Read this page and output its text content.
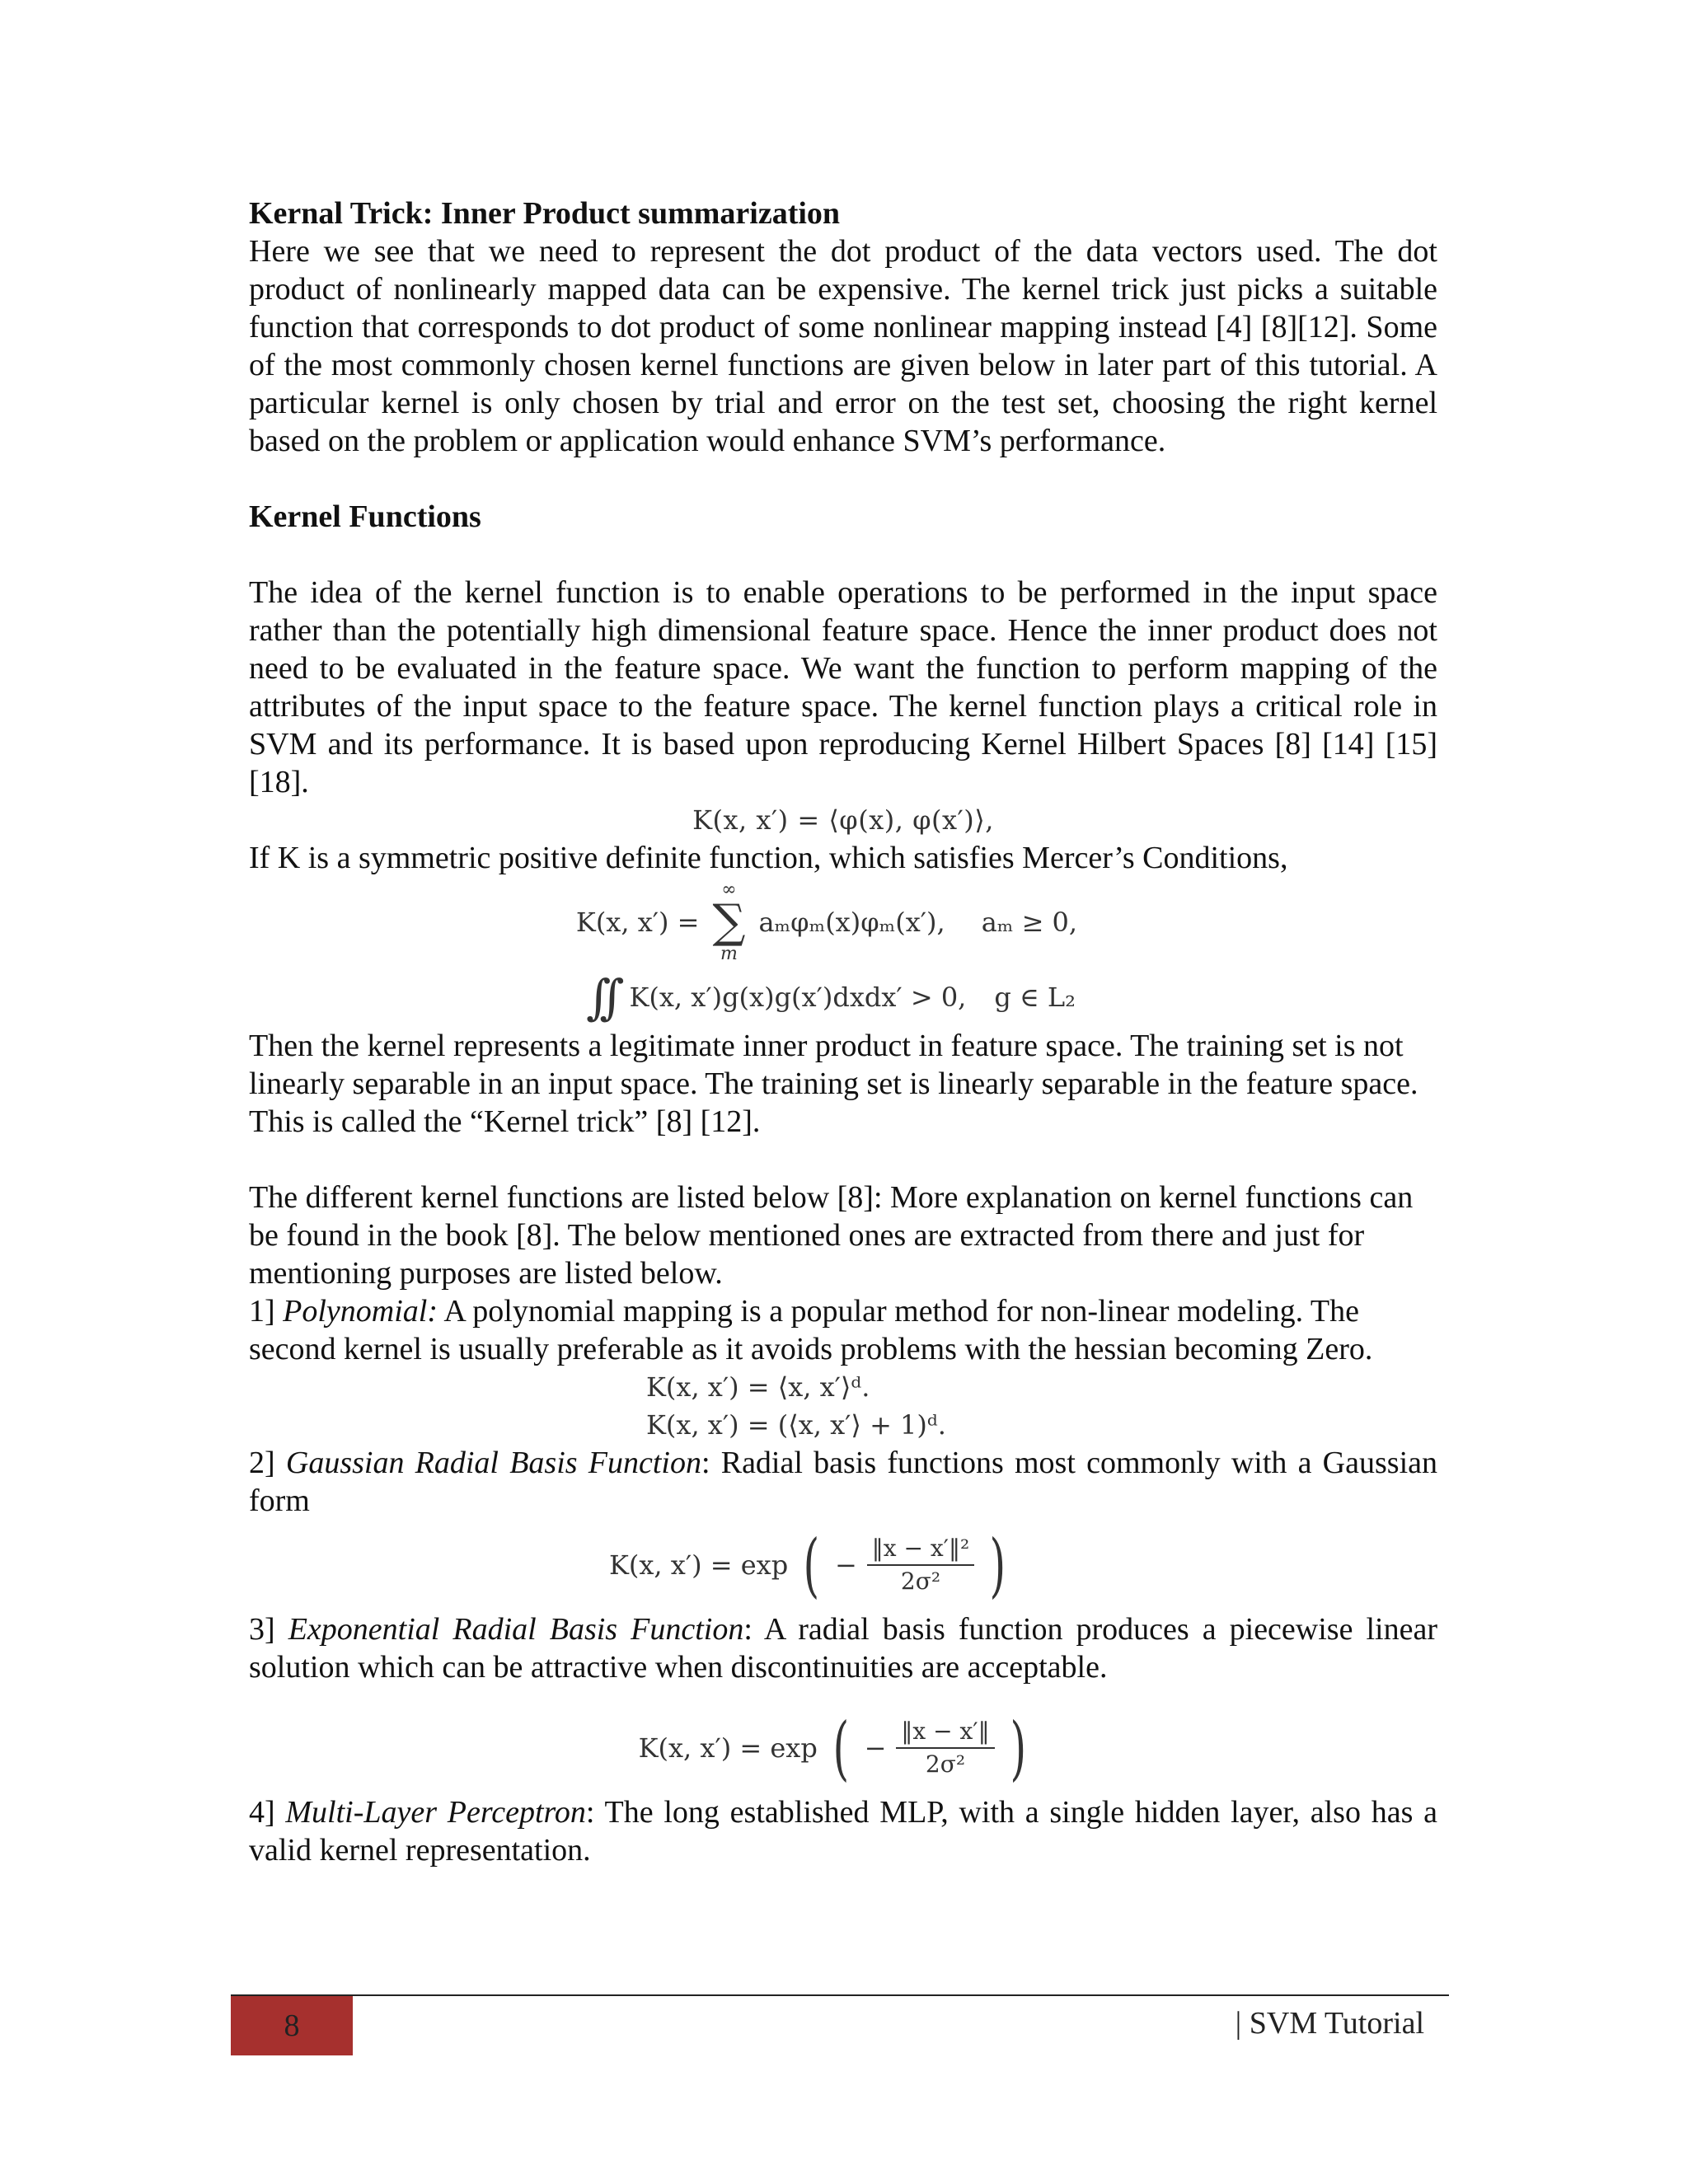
Kernal Trick: Inner Product summarization

Here we see that we need to represent the dot product of the data vectors used. The dot product of nonlinearly mapped data can be expensive. The kernel trick just picks a suitable function that corresponds to dot product of some nonlinear mapping instead [4] [8][12]. Some of the most commonly chosen kernel functions are given below in later part of this tutorial. A particular kernel is only chosen by trial and error on the test set, choosing the right kernel based on the problem or application would enhance SVM’s performance.

Kernel Functions

The idea of the kernel function is to enable operations to be performed in the input space rather than the potentially high dimensional feature space. Hence the inner product does not need to be evaluated in the feature space. We want the function to perform mapping of the attributes of the input space to the feature space. The kernel function plays a critical role in SVM and its performance. It is based upon reproducing Kernel Hilbert Spaces [8] [14] [15] [18].

K(x, x′) = ⟨φ(x), φ(x′)⟩,

If K is a symmetric positive definite function, which satisfies Mercer’s Conditions,

K(x, x′) =
∞
∑
m
aₘφₘ(x)φₘ(x′), aₘ ≥ 0,
∫∫ K(x, x′)g(x)g(x′)dxdx′ > 0, g ∈ L₂

Then the kernel represents a legitimate inner product in feature space. The training set is not linearly separable in an input space. The training set is linearly separable in the feature space. This is called the “Kernel trick” [8] [12].

The different kernel functions are listed below [8]: More explanation on kernel functions can be found in the book [8]. The below mentioned ones are extracted from there and just for mentioning purposes are listed below.

1] Polynomial: A polynomial mapping is a popular method for non-linear modeling. The second kernel is usually preferable as it avoids problems with the hessian becoming Zero.

K(x, x′) = ⟨x, x′⟩ᵈ.
K(x, x′) = (⟨x, x′⟩ + 1)ᵈ.

2] Gaussian Radial Basis Function: Radial basis functions most commonly with a Gaussian form

K(x, x′) = exp ( − $\frac{\text{‖x − x′‖²}}{\text{2σ²}}$ )

3] Exponential Radial Basis Function: A radial basis function produces a piecewise linear solution which can be attractive when discontinuities are acceptable.

K(x, x′) = exp ( − $\frac{‖x - x'‖}{\text{2σ²}}$ )

4] Multi-Layer Perceptron: The long established MLP, with a single hidden layer, also has a valid kernel representation.

8	| SVM Tutorial
